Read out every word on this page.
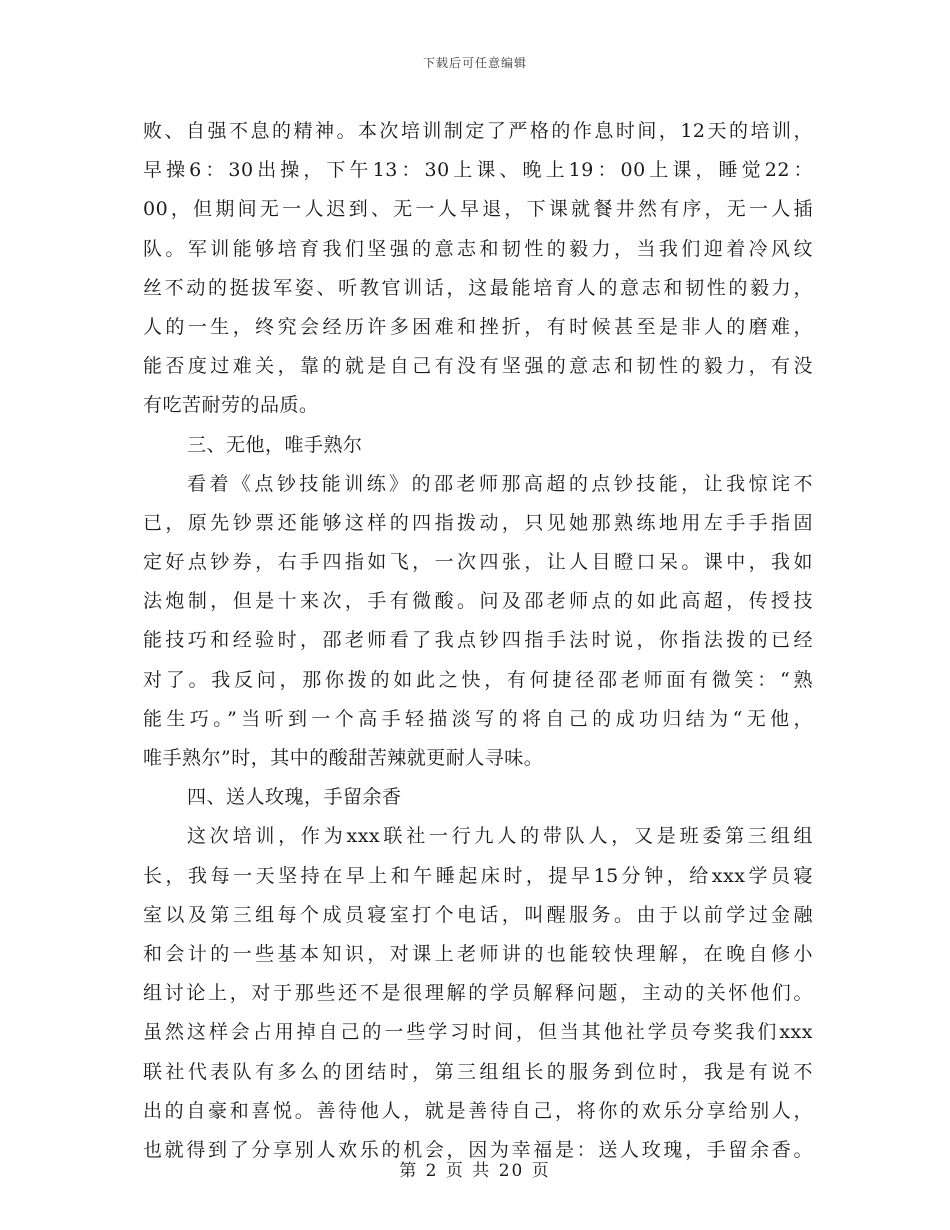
下载后可任意编辑
败、自强不息的精神。本次培训制定了严格的作息时间，12天的培训，
早操6：30出操，下午13：30上课、晚上19：00上课，睡觉22：
00，但期间无一人迟到、无一人早退，下课就餐井然有序，无一人插
队。军训能够培育我们坚强的意志和韧性的毅力，当我们迎着冷风纹
丝不动的挺拔军姿、听教官训话，这最能培育人的意志和韧性的毅力，
人的一生，终究会经历许多困难和挫折，有时候甚至是非人的磨难，
能否度过难关，靠的就是自己有没有坚强的意志和韧性的毅力，有没
有吃苦耐劳的品质。
三、无他，唯手熟尔
看着《点钞技能训练》的邵老师那高超的点钞技能，让我惊诧不
已，原先钞票还能够这样的四指拨动，只见她那熟练地用左手手指固
定好点钞券，右手四指如飞，一次四张，让人目瞪口呆。课中，我如
法炮制，但是十来次，手有微酸。问及邵老师点的如此高超，传授技
能技巧和经验时，邵老师看了我点钞四指手法时说，你指法拨的已经
对了。我反问，那你拨的如此之快，有何捷径邵老师面有微笑：“熟
能生巧。”当听到一个高手轻描淡写的将自己的成功归结为“无他，
唯手熟尔”时，其中的酸甜苦辣就更耐人寻味。
四、送人玫瑰，手留余香
这次培训，作为xxx联社一行九人的带队人，又是班委第三组组
长，我每一天坚持在早上和午睡起床时，提早15分钟，给xxx学员寝
室以及第三组每个成员寝室打个电话，叫醒服务。由于以前学过金融
和会计的一些基本知识，对课上老师讲的也能较快理解，在晚自修小
组讨论上，对于那些还不是很理解的学员解释问题，主动的关怀他们。
虽然这样会占用掉自己的一些学习时间，但当其他社学员夸奖我们xxx
联社代表队有多么的团结时，第三组组长的服务到位时，我是有说不
出的自豪和喜悦。善待他人，就是善待自己，将你的欢乐分享给别人，
也就得到了分享别人欢乐的机会，因为幸福是：送人玫瑰，手留余香。
第 2 页 共 20 页
